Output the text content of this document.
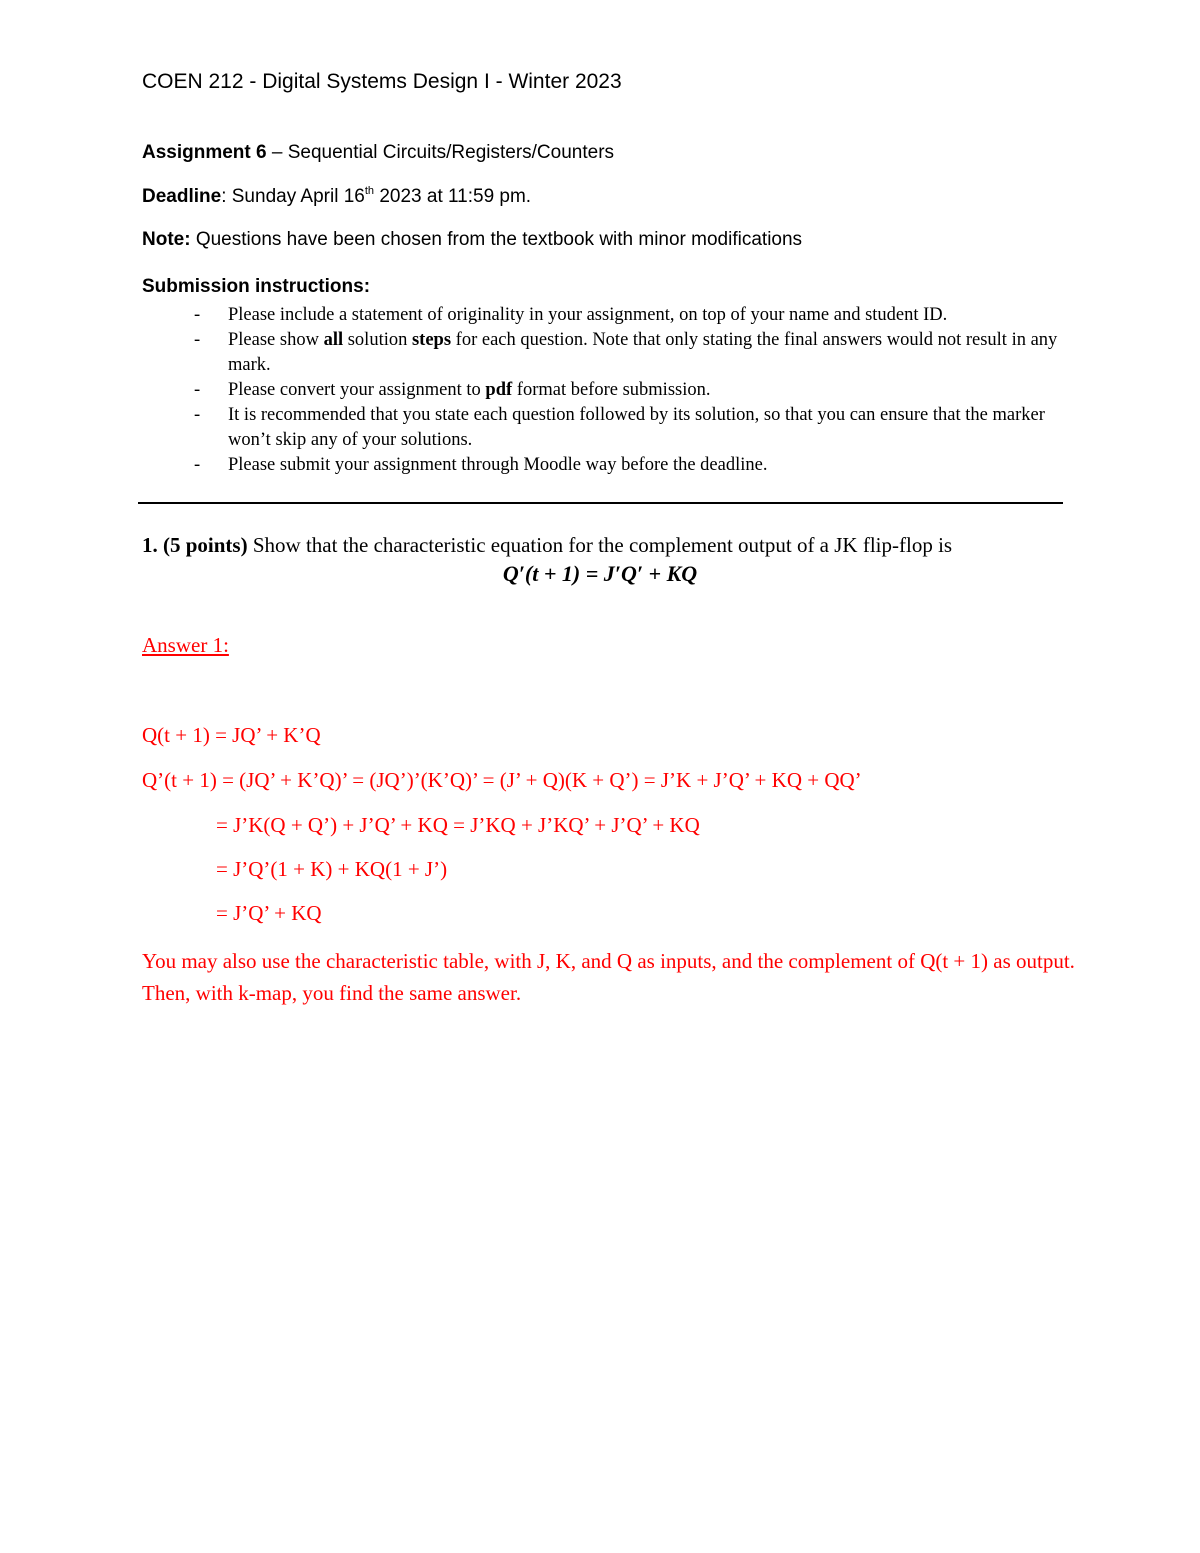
COEN 212 - Digital Systems Design I - Winter 2023
Assignment 6 – Sequential Circuits/Registers/Counters
Deadline: Sunday April 16th 2023 at 11:59 pm.
Note: Questions have been chosen from the textbook with minor modifications
Submission instructions:
- Please include a statement of originality in your assignment, on top of your name and student ID.
- Please show all solution steps for each question. Note that only stating the final answers would not result in any mark.
- Please convert your assignment to pdf format before submission.
- It is recommended that you state each question followed by its solution, so that you can ensure that the marker won’t skip any of your solutions.
- Please submit your assignment through Moodle way before the deadline.
1. (5 points) Show that the characteristic equation for the complement output of a JK flip-flop is
Q′(t + 1) = J′Q′ + KQ
Answer 1:
Q(t + 1) = JQ’ + K’Q
Q’(t + 1) = (JQ’ + K’Q)’ = (JQ’)’(K’Q)’ = (J’ + Q)(K + Q’) = J’K + J’Q’ + KQ + QQ’
= J’K(Q + Q’) + J’Q’ + KQ = J’KQ + J’KQ’ + J’Q’ + KQ
= J’Q’(1 + K) + KQ(1 + J’)
= J’Q’ + KQ
You may also use the characteristic table, with J, K, and Q as inputs, and the complement of Q(t + 1) as output. Then, with k-map, you find the same answer.
